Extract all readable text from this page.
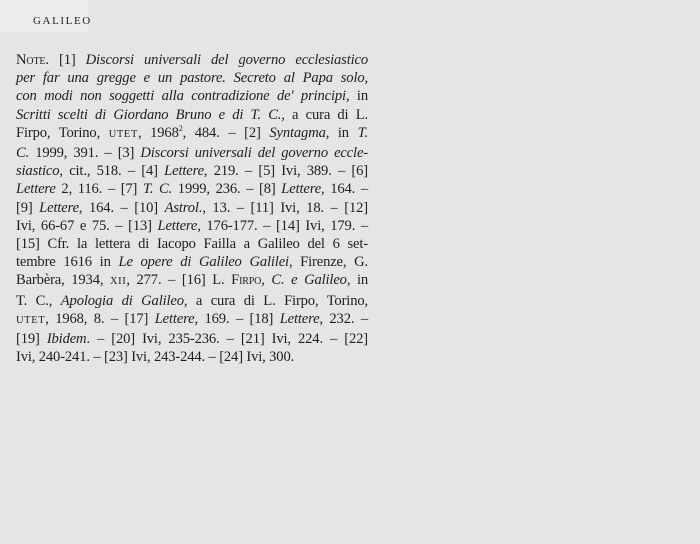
GALILEO
Note. [1] Discorsi universali del governo ecclesiastico
per far una gregge e un pastore. Secreto al Papa solo,
con modi non soggetti alla contradizione de' principi, in
Scritti scelti di Giordano Bruno e di T. C., a cura di L.
Firpo, Torino, UTET, 1968$^2$, 484. – [2] Syntagma, in T.
C. 1999, 391. – [3] Discorsi universali del governo eccle-
siastico, cit., 518. – [4] Lettere, 219. – [5] Ivi, 389. – [6]
Lettere 2, 116. – [7] T. C. 1999, 236. – [8] Lettere, 164. –
[9] Lettere, 164. – [10] Astrol., 13. – [11] Ivi, 18. – [12]
Ivi, 66-67 e 75. – [13] Lettere, 176-177. – [14] Ivi, 179. –
[15] Cfr. la lettera di Iacopo Failla a Galileo del 6 set-
tembre 1616 in Le opere di Galileo Galilei, Firenze, G.
Barbèra, 1934, XII, 277. – [16] L. Firpo, C. e Galileo, in
T. C., Apologia di Galileo, a cura di L. Firpo, Torino,
UTET, 1968, 8. – [17] Lettere, 169. – [18] Lettere, 232. –
[19] Ibidem. – [20] Ivi, 235-236. – [21] Ivi, 224. – [22]
Ivi, 240-241. – [23] Ivi, 243-244. – [24] Ivi, 300.
